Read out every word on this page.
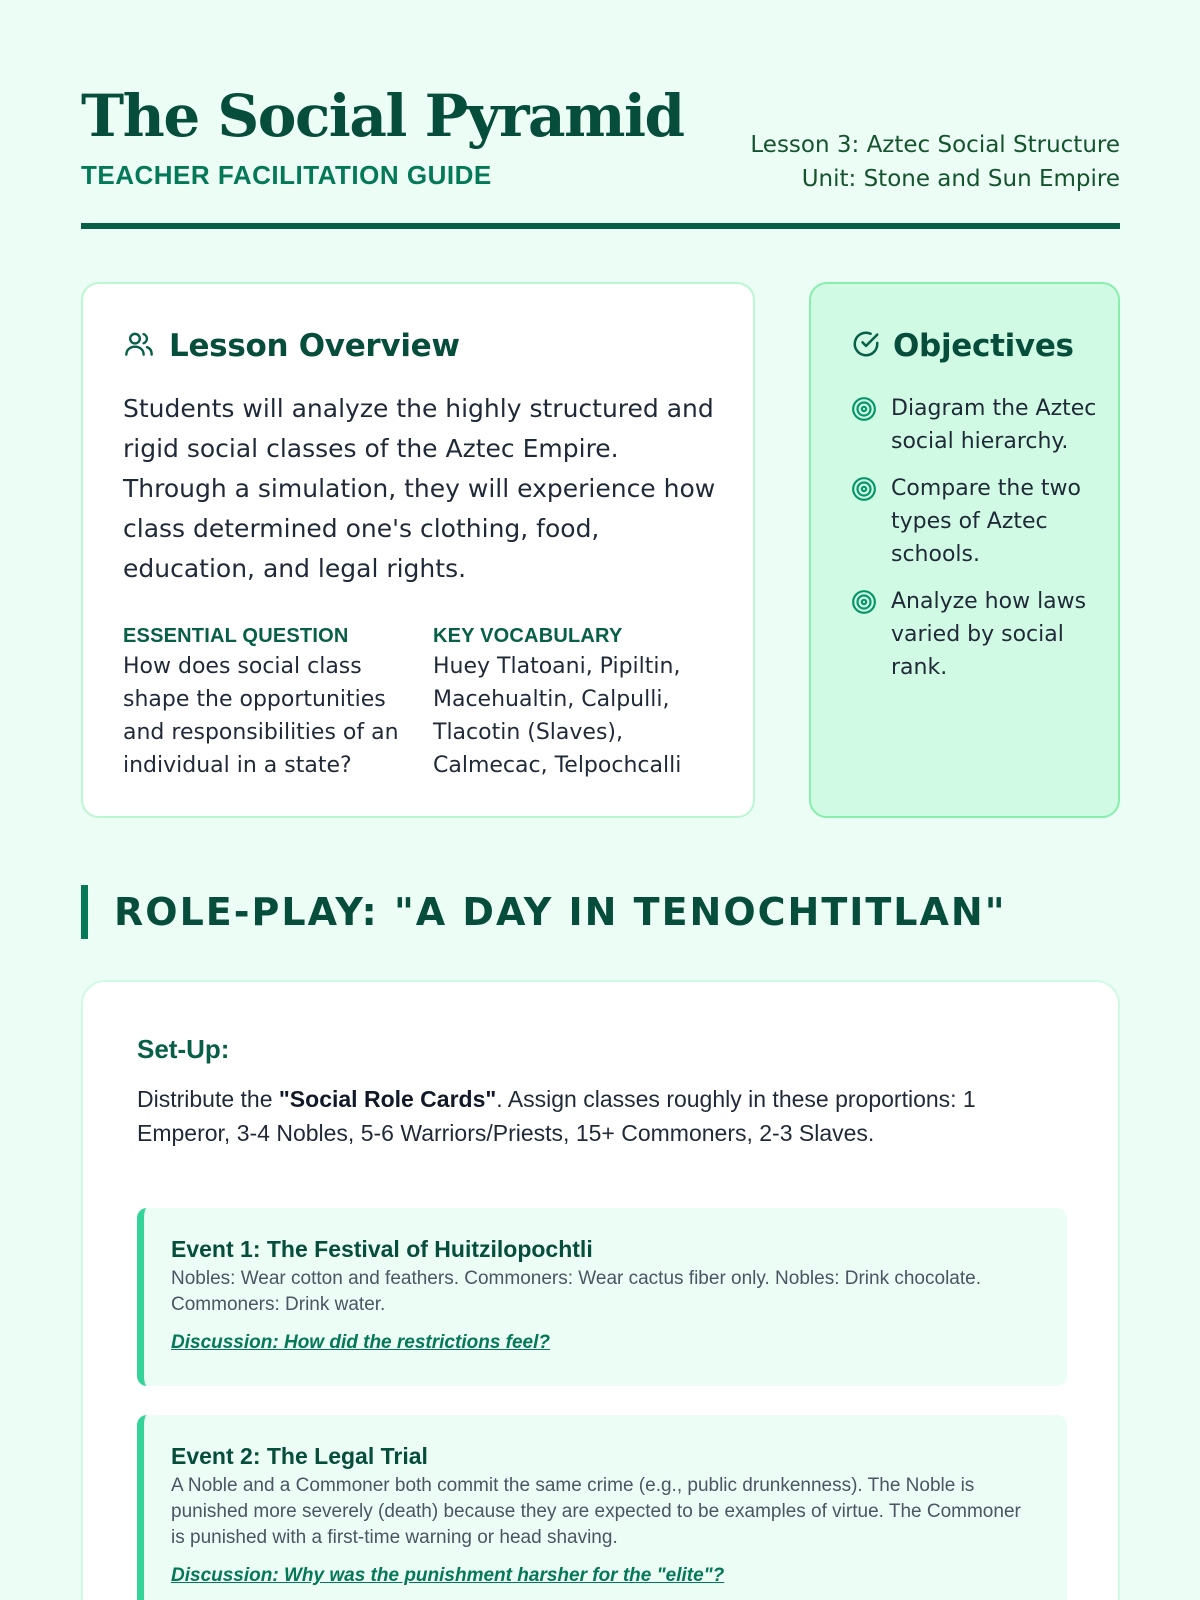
The Social Pyramid
TEACHER FACILITATION GUIDE
Lesson 3: Aztec Social Structure
Unit: Stone and Sun Empire
Lesson Overview

Students will analyze the highly structured and rigid social classes of the Aztec Empire. Through a simulation, they will experience how class determined one's clothing, food, education, and legal rights.

ESSENTIAL QUESTION
How does social class shape the opportunities and responsibilities of an individual in a state?
KEY VOCABULARY
Huey Tlatoani, Pipiltin, Macehualtin, Calpulli, Tlacotin (Slaves), Calmecac, Telpochcalli
Objectives
Diagram the Aztec social hierarchy.
Compare the two types of Aztec schools.
Analyze how laws varied by social rank.
ROLE-PLAY: "A DAY IN TENOCHTITLAN"
Set-Up:

Distribute the "Social Role Cards". Assign classes roughly in these proportions: 1 Emperor, 3-4 Nobles, 5-6 Warriors/Priests, 15+ Commoners, 2-3 Slaves.

Event 1: The Festival of Huitzilopochtli
Nobles: Wear cotton and feathers. Commoners: Wear cactus fiber only. Nobles: Drink chocolate. Commoners: Drink water.
Discussion: How did the restrictions feel?
Event 2: The Legal Trial
A Noble and a Commoner both commit the same crime (e.g., public drunkenness). The Noble is punished more severely (death) because they are expected to be examples of virtue. The Commoner is punished with a first-time warning or head shaving.
Discussion: Why was the punishment harsher for the "elite"?
